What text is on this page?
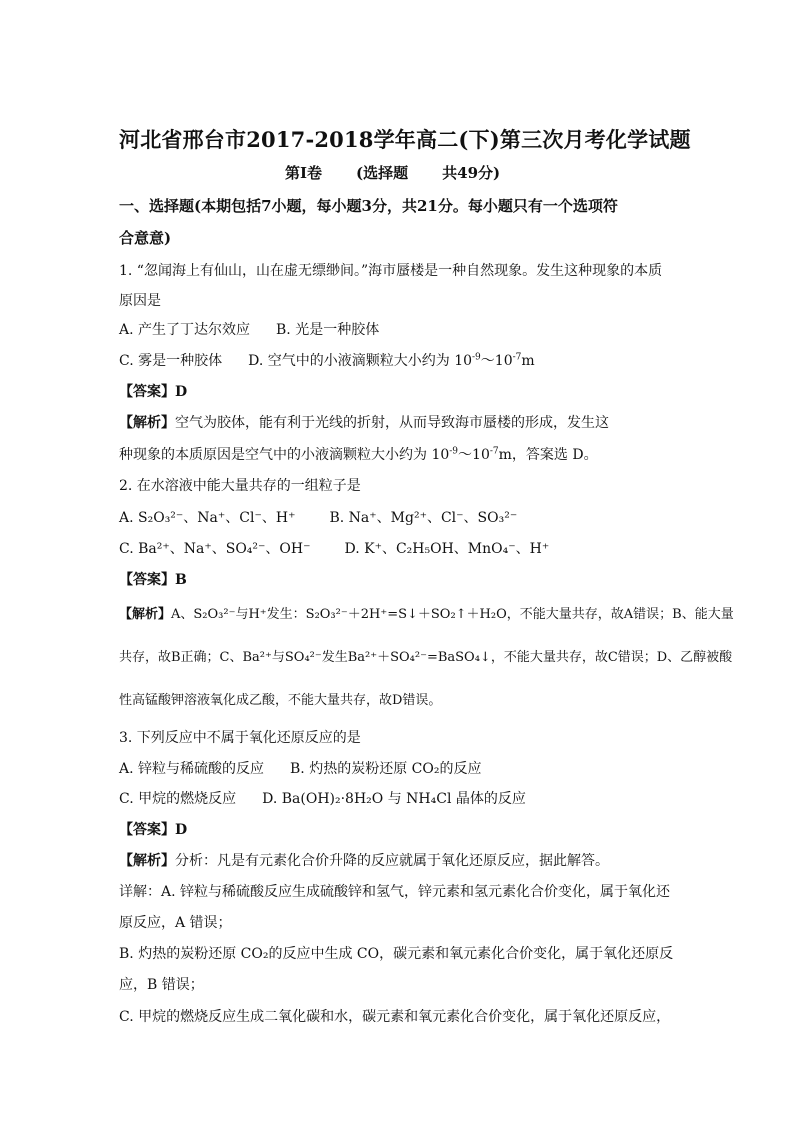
河北省邢台市2017-2018学年高二(下)第三次月考化学试题
第I卷 (选择题 共49分)
一、选择题(本期包括7小题，每小题3分，共21分。每小题只有一个选项符
合意意)
1. “忽闻海上有仙山，山在虚无缥缈间。”海市蜃楼是一种自然现象。发生这种现象的本质
原因是
A. 产生了丁达尔效应 B. 光是一种胶体
C. 雾是一种胶体 D. 空气中的小液滴颗粒大小约为 $10^{-9}\sim 10^{-7}m$
【答案】D
【解析】空气为胶体，能有利于光线的折射，从而导致海市蜃楼的形成，发生这
种现象的本质原因是空气中的小液滴颗粒大小约为 $10^{-9}\sim 10^{-7}m$，答案选 D。
2. 在水溶液中能大量共存的一组粒子是
A. S₂O₃²⁻、Na⁺、Cl⁻、H⁺ B. Na⁺、Mg²⁺、Cl⁻、SO₃²⁻
C. Ba²⁺、Na⁺、SO₄²⁻、OH⁻ D. K⁺、C₂H₅OH、MnO₄⁻、H⁺
【答案】B
【解析】A、S₂O₃²⁻与H⁺发生：S₂O₃²⁻＋2H⁺=S↓＋SO₂↑＋H₂O，不能大量共存，故A错误；B、能大量
共存，故B正确；C、Ba²⁺与SO₄²⁻发生Ba²⁺＋SO₄²⁻=BaSO₄↓，不能大量共存，故C错误；D、乙醇被酸
性高锰酸钾溶液氧化成乙酸，不能大量共存，故D错误。
3. 下列反应中不属于氧化还原反应的是
A. 锌粒与稀硫酸的反应 B. 灼热的炭粉还原 CO₂的反应
C. 甲烷的燃烧反应 D. Ba(OH)₂·8H₂O 与 NH₄Cl 晶体的反应
【答案】D
【解析】分析：凡是有元素化合价升降的反应就属于氧化还原反应，据此解答。
详解：A. 锌粒与稀硫酸反应生成硫酸锌和氢气，锌元素和氢元素化合价变化，属于氧化还
原反应，A 错误；
B. 灼热的炭粉还原 CO₂的反应中生成 CO，碳元素和氧元素化合价变化，属于氧化还原反
应，B 错误；
C. 甲烷的燃烧反应生成二氧化碳和水，碳元素和氧元素化合价变化，属于氧化还原反应，
